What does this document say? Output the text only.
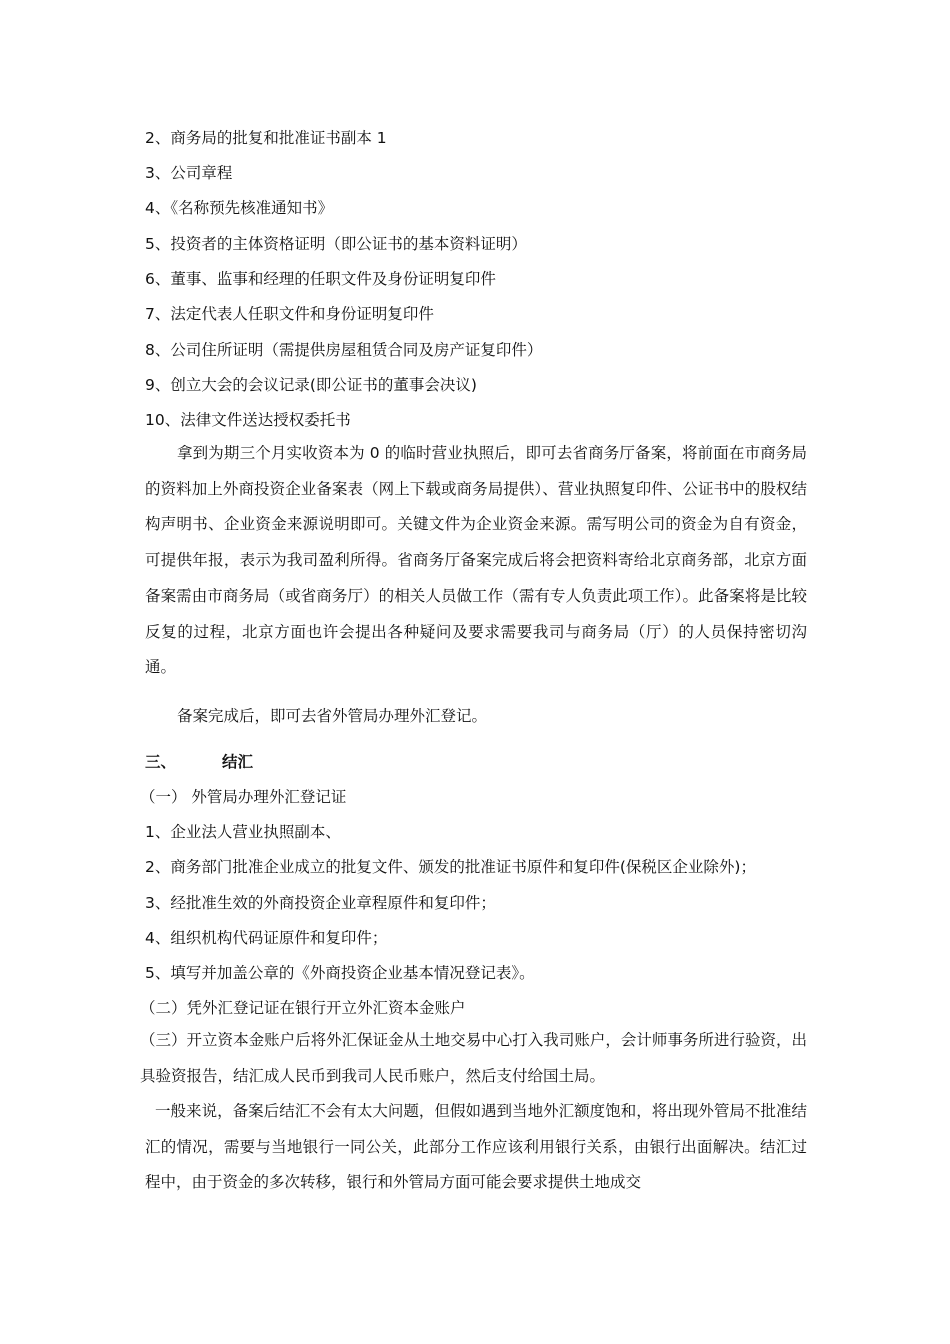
2、商务局的批复和批准证书副本 1
3、公司章程
4、《名称预先核准通知书》
5、投资者的主体资格证明（即公证书的基本资料证明）
6、董事、监事和经理的任职文件及身份证明复印件
7、法定代表人任职文件和身份证明复印件
8、公司住所证明（需提供房屋租赁合同及房产证复印件）
9、创立大会的会议记录(即公证书的董事会决议)
10、法律文件送达授权委托书
拿到为期三个月实收资本为 0 的临时营业执照后，即可去省商务厅备案，将前面在市商务局的资料加上外商投资企业备案表（网上下载或商务局提供）、营业执照复印件、公证书中的股权结构声明书、企业资金来源说明即可。关键文件为企业资金来源。需写明公司的资金为自有资金，可提供年报，表示为我司盈利所得。省商务厅备案完成后将会把资料寄给北京商务部，北京方面备案需由市商务局（或省商务厅）的相关人员做工作（需有专人负责此项工作）。此备案将是比较反复的过程，北京方面也许会提出各种疑问及要求需要我司与商务局（厅）的人员保持密切沟通。
备案完成后，即可去省外管局办理外汇登记。
三、	结汇
（一） 外管局办理外汇登记证
1、企业法人营业执照副本、
2、商务部门批准企业成立的批复文件、颁发的批准证书原件和复印件(保税区企业除外)；
3、经批准生效的外商投资企业章程原件和复印件；
4、组织机构代码证原件和复印件；
5、填写并加盖公章的《外商投资企业基本情况登记表》。
（二）凭外汇登记证在银行开立外汇资本金账户
（三）开立资本金账户后将外汇保证金从土地交易中心打入我司账户，会计师事务所进行验资，出具验资报告，结汇成人民币到我司人民币账户，然后支付给国土局。
一般来说，备案后结汇不会有太大问题，但假如遇到当地外汇额度饱和，将出现外管局不批准结汇的情况，需要与当地银行一同公关，此部分工作应该利用银行关系，由银行出面解决。结汇过程中，由于资金的多次转移，银行和外管局方面可能会要求提供土地成交
